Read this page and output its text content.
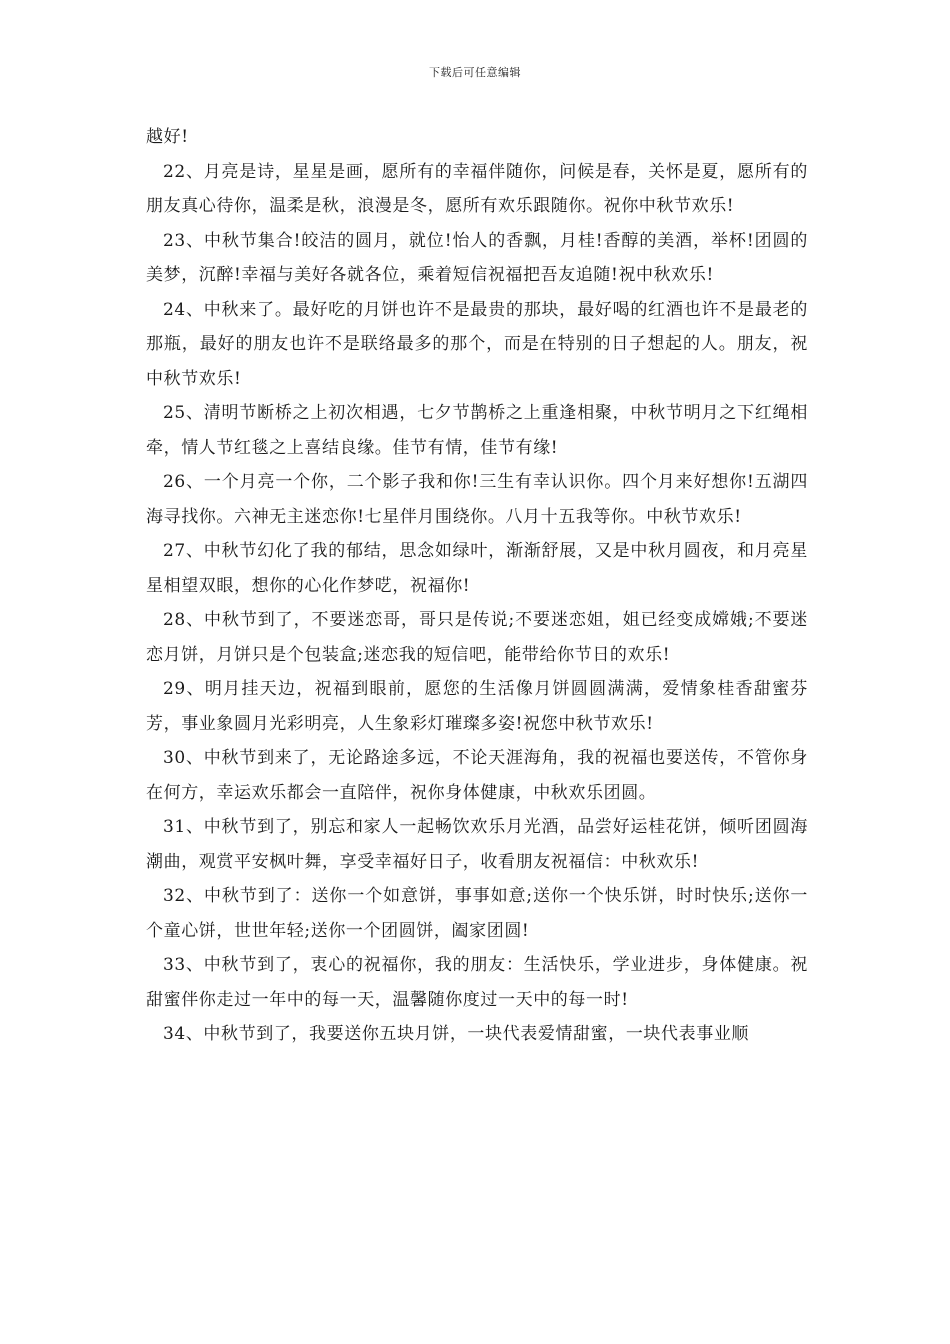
下载后可任意编辑

越好!

22、月亮是诗，星星是画，愿所有的幸福伴随你，问候是春，关怀是夏，愿所有的朋友真心待你，温柔是秋，浪漫是冬，愿所有欢乐跟随你。祝你中秋节欢乐!

23、中秋节集合!皎洁的圆月，就位!怡人的香飘，月桂!香醇的美酒，举杯!团圆的美梦，沉醉!幸福与美好各就各位，乘着短信祝福把吾友追随!祝中秋欢乐!

24、中秋来了。最好吃的月饼也许不是最贵的那块，最好喝的红酒也许不是最老的那瓶，最好的朋友也许不是联络最多的那个，而是在特别的日子想起的人。朋友，祝中秋节欢乐!

25、清明节断桥之上初次相遇，七夕节鹊桥之上重逢相聚，中秋节明月之下红绳相牵，情人节红毯之上喜结良缘。佳节有情，佳节有缘!

26、一个月亮一个你，二个影子我和你!三生有幸认识你。四个月来好想你!五湖四海寻找你。六神无主迷恋你!七星伴月围绕你。八月十五我等你。中秋节欢乐!

27、中秋节幻化了我的郁结，思念如绿叶，渐渐舒展，又是中秋月圆夜，和月亮星星相望双眼，想你的心化作梦呓，祝福你!

28、中秋节到了，不要迷恋哥，哥只是传说;不要迷恋姐，姐已经变成嫦娥;不要迷恋月饼，月饼只是个包装盒;迷恋我的短信吧，能带给你节日的欢乐!

29、明月挂天边，祝福到眼前，愿您的生活像月饼圆圆满满，爱情象桂香甜蜜芬芳，事业象圆月光彩明亮，人生象彩灯璀璨多姿!祝您中秋节欢乐!

30、中秋节到来了，无论路途多远，不论天涯海角，我的祝福也要送传，不管你身在何方，幸运欢乐都会一直陪伴，祝你身体健康，中秋欢乐团圆。

31、中秋节到了，别忘和家人一起畅饮欢乐月光酒，品尝好运桂花饼，倾听团圆海潮曲，观赏平安枫叶舞，享受幸福好日子，收看朋友祝福信：中秋欢乐!

32、中秋节到了：送你一个如意饼，事事如意;送你一个快乐饼，时时快乐;送你一个童心饼，世世年轻;送你一个团圆饼，阖家团圆!

33、中秋节到了，衷心的祝福你，我的朋友：生活快乐，学业进步，身体健康。祝甜蜜伴你走过一年中的每一天，温馨随你度过一天中的每一时!

34、中秋节到了，我要送你五块月饼，一块代表爱情甜蜜，一块代表事业顺
